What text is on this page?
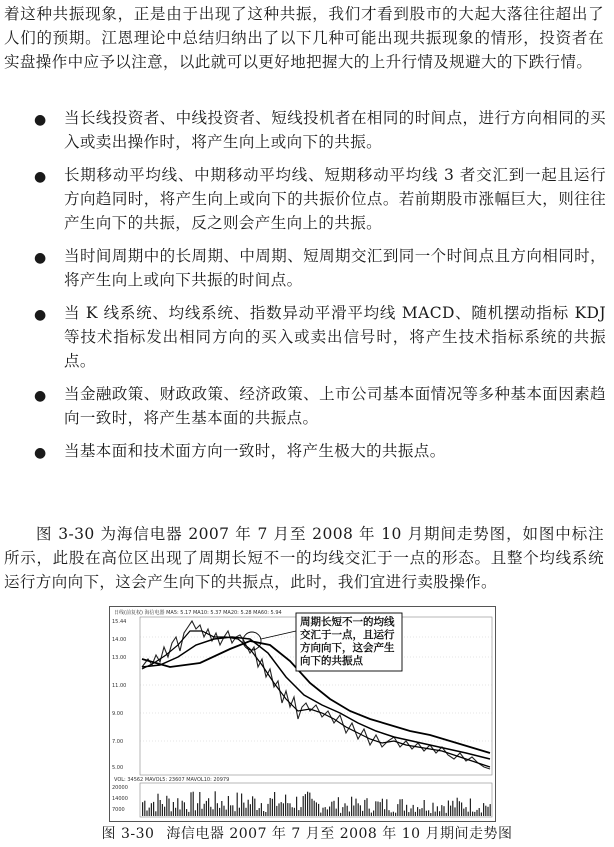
着这种共振现象，正是由于出现了这种共振，我们才看到股市的大起大落往往超出了人们的预期。江恩理论中总结归纳出了以下几种可能出现共振现象的情形，投资者在实盘操作中应予以注意，以此就可以更好地把握大的上升行情及规避大的下跌行情。

● 当长线投资者、中线投资者、短线投机者在相同的时间点，进行方向相同的买入或卖出操作时，将产生向上或向下的共振。
● 长期移动平均线、中期移动平均线、短期移动平均线 3 者交汇到一起且运行方向趋同时，将产生向上或向下的共振价位点。若前期股市涨幅巨大，则往往产生向下的共振，反之则会产生向上的共振。
● 当时间周期中的长周期、中周期、短周期交汇到同一个时间点且方向相同时，将产生向上或向下共振的时间点。
● 当 K 线系统、均线系统、指数异动平滑平均线 MACD、随机摆动指标 KDJ 等技术指标发出相同方向的买入或卖出信号时，将产生技术指标系统的共振点。
● 当金融政策、财政政策、经济政策、上市公司基本面情况等多种基本面因素趋向一致时，将产生基本面的共振点。
● 当基本面和技术面方向一致时，将产生极大的共振点。

图 3-30 为海信电器 2007 年 7 月至 2008 年 10 月期间走势图，如图中标注所示，此股在高位区出现了周期长短不一的均线交汇于一点的形态。且整个均线系统运行方向向下，这会产生向下的共振点，此时，我们宜进行卖股操作。

日线(前复权) 海信电器 MA5: 5.17 MA10: 5.37 MA20: 5.28 MA60: 5.94
15.44
14.00
13.00
11.00
9.00
7.00
5.00
周期长短不一的均线
交汇于一点，且运行
方向向下，这会产生
向下的共振点
VOL: 34562 MAVOL5: 23607 MAVOL10: 20979
20000
14000
7000
图 3-30 海信电器 2007 年 7 月至 2008 年 10 月期间走势图
